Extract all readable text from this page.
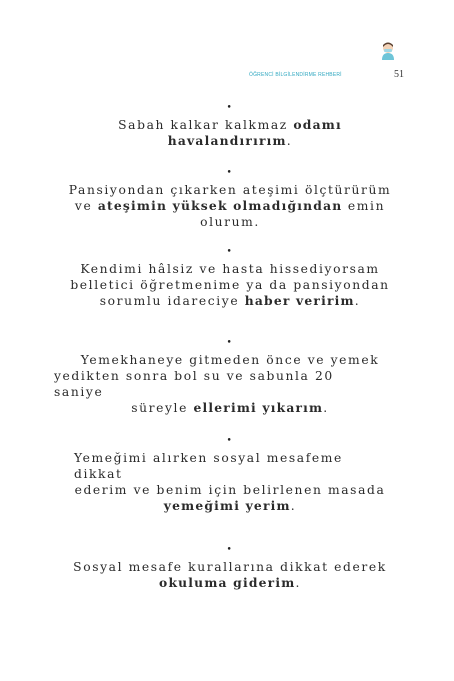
ÖĞRENCİ BİLGİLENDİRME REHBERİ	51
•
Sabah kalkar kalkmaz odamı
havalandırırım.
•
Pansiyondan çıkarken ateşimi ölçtürürüm
ve ateşimin yüksek olmadığından emin
olurum.
•
Kendimi hâlsiz ve hasta hissediyorsam
belletici öğretmenime ya da pansiyondan
sorumlu idareciye haber veririm.
•
Yemekhaneye gitmeden önce ve yemek
yedikten sonra bol su ve sabunla 20
saniye
süreyle ellerimi yıkarım.
•
Yemeğimi alırken sosyal mesafeme
dikkat
ederim ve benim için belirlenen masada
yemeğimi yerim.
•
Sosyal mesafe kurallarına dikkat ederek
okuluma giderim.
